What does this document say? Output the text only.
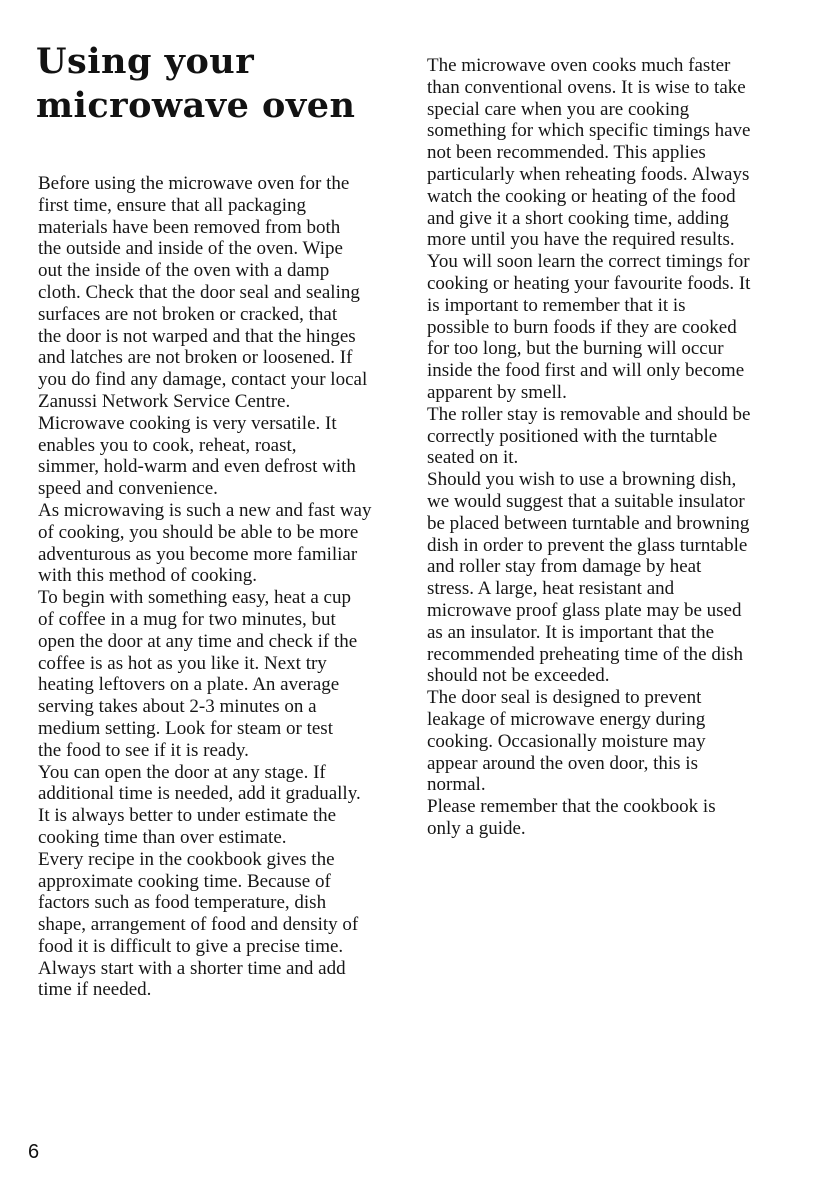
Using your
microwave oven

Before using the microwave oven for the
first time, ensure that all packaging
materials have been removed from both
the outside and inside of the oven. Wipe
out the inside of the oven with a damp
cloth. Check that the door seal and sealing
surfaces are not broken or cracked, that
the door is not warped and that the hinges
and latches are not broken or loosened. If
you do find any damage, contact your local
Zanussi Network Service Centre.

Microwave cooking is very versatile. It
enables you to cook, reheat, roast,
simmer, hold-warm and even defrost with
speed and convenience.

As microwaving is such a new and fast way
of cooking, you should be able to be more
adventurous as you become more familiar
with this method of cooking.

To begin with something easy, heat a cup
of coffee in a mug for two minutes, but
open the door at any time and check if the
coffee is as hot as you like it. Next try
heating leftovers on a plate. An average
serving takes about 2-3 minutes on a
medium setting. Look for steam or test
the food to see if it is ready.

You can open the door at any stage. If
additional time is needed, add it gradually.
It is always better to under estimate the
cooking time than over estimate.

Every recipe in the cookbook gives the
approximate cooking time. Because of
factors such as food temperature, dish
shape, arrangement of food and density of
food it is difficult to give a precise time.
Always start with a shorter time and add
time if needed.

The microwave oven cooks much faster
than conventional ovens. It is wise to take
special care when you are cooking
something for which specific timings have
not been recommended. This applies
particularly when reheating foods. Always
watch the cooking or heating of the food
and give it a short cooking time, adding
more until you have the required results.
You will soon learn the correct timings for
cooking or heating your favourite foods. It
is important to remember that it is
possible to burn foods if they are cooked
for too long, but the burning will occur
inside the food first and will only become
apparent by smell.

The roller stay is removable and should be
correctly positioned with the turntable
seated on it.

Should you wish to use a browning dish,
we would suggest that a suitable insulator
be placed between turntable and browning
dish in order to prevent the glass turntable
and roller stay from damage by heat
stress. A large, heat resistant and
microwave proof glass plate may be used
as an insulator. It is important that the
recommended preheating time of the dish
should not be exceeded.

The door seal is designed to prevent
leakage of microwave energy during
cooking. Occasionally moisture may
appear around the oven door, this is
normal.

Please remember that the cookbook is
only a guide.

6
